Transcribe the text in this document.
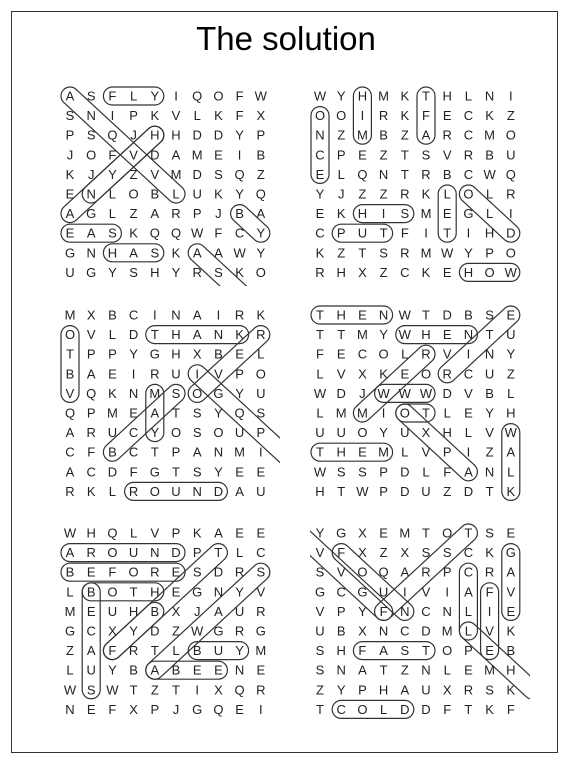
The solution
A S F L Y I Q O F W
S N I P K V L K F X
P S Q J H H D D Y P
J O F V D A M E I B
K J Y Z V M D S Q Z
E N L O B L U K Y Q
A G L Z A R P J B A
E A S K Q Q W F C Y
G N H A S K A A W Y
U G Y S H Y R S K O
W Y H M K T H L N I
O O I R K F E C K Z
N Z M B Z A R C M O
C P E Z T S V R B U
E L Q N T R B C W Q
Y J Z Z R K L O L R
E K H I S M E G L I
C P U T F I T I H D
K Z T S R M W Y P O
R H X Z C K E H O W
M X B C I N A I R K
O V L D T H A N K R
T P P Y G H X B E L
B A E I R U I V P O
V Q K N M S O G Y U
Q P M E A T S Y Q S
A R U C Y O S O U P
C F B C T P A N M I
A C D F G T S Y E E
R K L R O U N D A U
T H E N W T D B S E
T T M Y W H E N T U
F E C O L R V I N Y
L V X K E O R C U Z
W D J W W W D V B L
L M M I O T L E Y H
U U O Y U X H L V W
T H E M L V P I Z A
W S S P D L F A N L
H T W P D U Z D T K
W H Q L V P K A E E
A R O U N D P T L C
B E F O R E S D R S
L B O T H E G N Y V
M E U H B X J A U R
G C X Y D Z W G R G
Z A F R T L B U Y M
L U Y B A B E E N E
W S W T Z T I X Q R
N E F X P J G Q E I
Y G X E M T O T S E
V F X Z X S S C K G
S V O Q A R P C R A
G C G U I V I A F V
V P Y F N C N L I E
U B X N C D M L V K
S H F A S T O P E B
S N A T Z N L E M H
Z Y P H A U X R S K
T C O L D D F T K F
